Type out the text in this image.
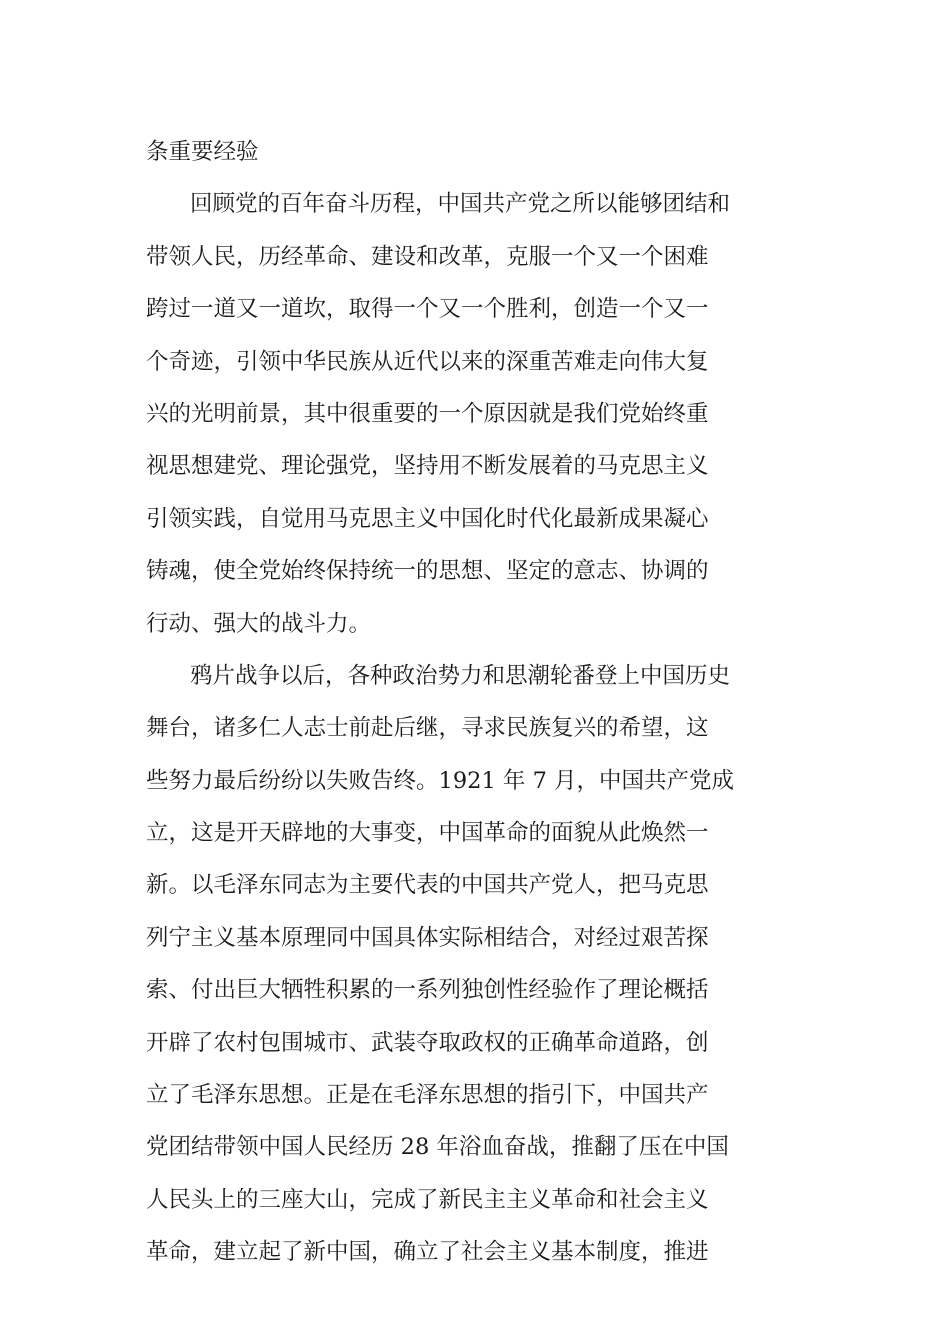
条重要经验
回顾党的百年奋斗历程，中国共产党之所以能够团结和
带领人民，历经革命、建设和改革，克服一个又一个困难
跨过一道又一道坎，取得一个又一个胜利，创造一个又一
个奇迹，引领中华民族从近代以来的深重苦难走向伟大复
兴的光明前景，其中很重要的一个原因就是我们党始终重
视思想建党、理论强党，坚持用不断发展着的马克思主义
引领实践，自觉用马克思主义中国化时代化最新成果凝心
铸魂，使全党始终保持统一的思想、坚定的意志、协调的
行动、强大的战斗力。
鸦片战争以后，各种政治势力和思潮轮番登上中国历史
舞台，诸多仁人志士前赴后继，寻求民族复兴的希望，这
些努力最后纷纷以失败告终。1921 年 7 月，中国共产党成
立，这是开天辟地的大事变，中国革命的面貌从此焕然一
新。以毛泽东同志为主要代表的中国共产党人，把马克思
列宁主义基本原理同中国具体实际相结合，对经过艰苦探
索、付出巨大牺牲积累的一系列独创性经验作了理论概括
开辟了农村包围城市、武装夺取政权的正确革命道路，创
立了毛泽东思想。正是在毛泽东思想的指引下，中国共产
党团结带领中国人民经历 28 年浴血奋战，推翻了压在中国
人民头上的三座大山，完成了新民主主义革命和社会主义
革命，建立起了新中国，确立了社会主义基本制度，推进
